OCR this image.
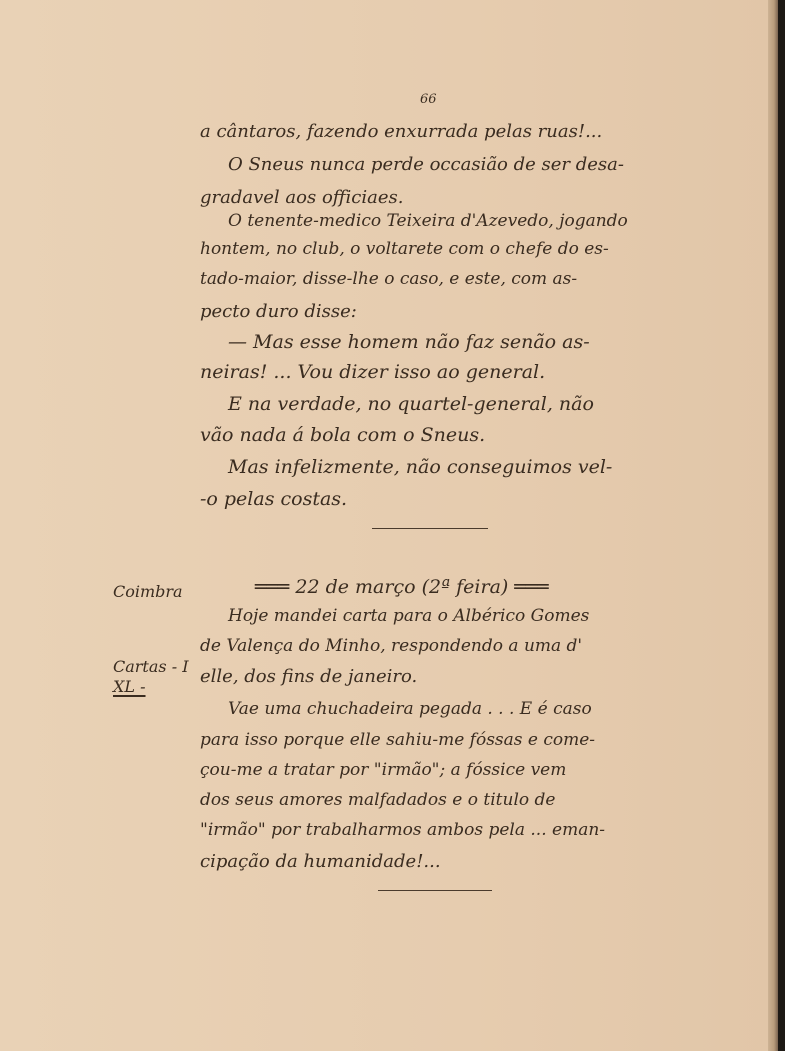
66
a cântaros, fazendo enxurrada pelas ruas!...
O Sneus nunca perde occasião de ser desa-
gradavel aos officiaes.
O tenente-medico Teixeira d'Azevedo, jogando
hontem, no club, o voltarete com o chefe do es-
tado-maior, disse-lhe o caso, e este, com as-
pecto duro disse:
— Mas esse homem não faz senão as-
neiras! ... Vou dizer isso ao general.
E na verdade, no quartel-general, não
vão nada á bola com o Sneus.
Mas infelizmente, não conseguimos vel-
-o pelas costas.
Coimbra
Cartas - I
XL -
═══ 22 de março (2ª feira) ═══
Hoje mandei carta para o Albérico Gomes
de Valença do Minho, respondendo a uma d'
elle, dos fins de janeiro.
Vae uma chuchadeira pegada . . . E é caso
para isso porque elle sahiu-me fóssas e come-
çou-me a tratar por "irmão"; a fóssice vem
dos seus amores malfadados e o titulo de
"irmão" por trabalharmos ambos pela ... eman-
cipação da humanidade!...
